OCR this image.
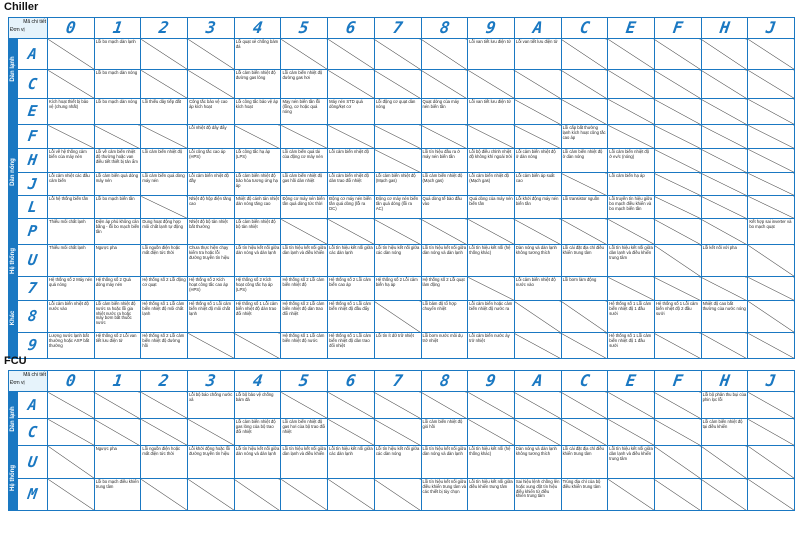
Chiller
Mã chi tiết
Đơn vị		0	1	2	3	4	5	6	7	8	9	A	C	E	F	H	J

Dàn lạnh	A		Lỗi bo mạch dàn lạnh			Lỗi quạt xẻ chống bám đá					Lỗi van tiết lưu điện tử	Lỗi van tiết lưu điện tử					
	C		Lỗi bo mạch dàn nóng			Lỗi cảm biến nhiệt độ đường gas lỏng	Lỗi cảm biến nhiệt độ đường gas hơi										

Dàn nóng	E	Kích hoạt thiết bị bảo vệ (chung nhất)	Lỗi bo mạch dàn nóng	Lỗi thiếu dây tiếp đất	Công tắc bảo vệ cao áp kích hoạt	Lỗi công tắc bảo vệ áp kích hoạt	Mạy nén biến tần lỗi (lỗng, cơ hoặc quá nóng	Máy nén STD quá dòng/kẹt cơ	Lỗi động cơ quạt dàn nóng	Quạt dòng của máy nén biến tần	Lỗi van tiết lưu điện tử						
	F				Lỗi nhiệt độ dây đẩy								Lỗi cấp bất thường lạnh kích hoạt công tắc cao áp				
	H	Lỗi về hệ thống cảm biến của máy nén	Lỗi về cảm biến nhiệt độ thường hoặc van điều tiết thiết bị tản ẩm	Lỗi cảm biến nhiệt độ	Lỗi công tắc cao áp (HPS)	Lỗi công tắc hạ áp (LPS)	Lỗi cảm biến quá tải của động cơ máy nén	Lỗi cảm biến nhiệt độ		Lỗi tín hiệu đầu ra ở máy nén biến tần	Lỗi bộ điều chỉnh nhiệt độ không khí ngoài trời	Lỗi cảm biến nhiệt độ ở dàn nóng	Lỗi cảm biến nhiệt độ ở dàn nóng	Lỗi cảm biến nhiệt độ ở ev/c (nóng)			
	J	Lỗi cảm nhiệt các đầu cảm biến	Lỗi cảm biến quá dòng máy nén	Lỗi cảm biến quá dòng máy nén	Lỗi cảm biến nhiệt độ đầy	Lỗi cảm biến nhiệt độ bảo hòa tương ứng hạ áp	Lỗi cảm biến nhiệt độ gas hồi dàn nhiệt	Lỗi cảm biến nhiệt độ dàn trao đổi nhiệt	Lỗi cảm biến nhiệt độ (Mạch gas)	Lỗi cảm biến nhiệt độ (Mạch gas)	Lỗi cảm biến nhiệt độ (Mạch gas)	Lỗi cảm biến áp suất cao		Lỗi cảm biến hạ áp			
	L	Lỗi hệ thống biến tần	Lỗi bo mạch biến tần		Nhiệt độ hộp điện tăng cao	Nhiệt độ cánh tản nhiệt dàn nóng tăng cao	Động cơ máy nén biến tần quá dòng tức thời	Động cơ máy nén biến tần quá dòng (lỗi ra DC)	Động cơ máy nén biến tần quá dòng (lỗi ra AC)	Quá dòng tế bào đầu vào	Quá dòng của máy nén biến tần	Lỗi khởi động máy nén biến tần	Lỗi transistor nguồn	Lỗi truyền tín hiệu giữa bo mạch điều khiển và bo mạch biến tần			
	P	Thiếu môi chất lạnh	Điện áp phù không cân bằng - lỗi bo mạch biến tần	Dung hoạt động hợp môi chất lạnh tự động	Nhiệt độ bộ tản nhiệt bất thường	Lỗi cảm biến nhiệt độ bộ tản nhiệt											Kết hợp sai inverter và bo mạch quạt

Hệ thống	U	Thiếu môi chất lạnh	Ngược pha	Lỗi nguồn điện hoặc mất điện tức thời	Chưa thực hiện chạy kiểm tra hoặc lỗi đường truyền tín hiệu	Lỗi tín hiệu kết nối giữa dàn nóng và dàn lạnh	Lỗi tín hiệu kết nối giữa dàn lạnh và điều khiển	Lỗi tín hiệu kết nối giữa các dàn lạnh	Lỗi tín hiệu kết nối giữa các dàn nóng	Lỗi tín hiệu kết nối giữa dàn nóng và dàn lạnh	Lỗi tín hiệu kết nối (hệ thống khác)	Dàn nóng và dàn lạnh không tương thích	Lỗi cài đặt địa chỉ điều khiển trung tâm	Lỗi tín hiệu kết nối giữa dàn lạnh và điều khiển trung tâm		Lỗi kết nối với pha	

Khác	7	Hệ thống số 2 Máy nén quá nóng	Hệ thống số 2 Quá dòng máy nén	Hệ thống số 2 Lỗi động cơ quạt	Hệ thống số 2 Kích hoạt công tắc cao áp (HPS)	Hệ thống số 2 Kích hoạt công tắc hạ áp (LPS)	Hệ thống số 2 Lỗi cảm biến nhiệt độ	Hệ thống số 2 Lỗi cảm biến cao áp	Hệ thống số 2 Lỗi cảm biến hạ áp	Hệ thống số 2 Lỗi quạt làm động		Lỗi cảm biến nhiệt độ nước vào	Lỗi bơm làm động				
	8	Lỗi cảm biến nhiệt độ nước vào	Lỗi cảm biến nhiệt độ nước ra hoặc lỗi gia nhiệt nước ra hoặc máy bơm bắt thuốc nước	Hệ thống số 1 Lỗi cảm biến nhiệt độ môi chất lạnh	Hệ thống số 1 Lỗi cảm biến nhiệt độ môi chất lạnh	Hệ thống số 1 Lỗi cảm biến nhiệt độ dàn trao đổi nhiệt	Hệ thống số 2 Lỗi cảm biến nhiệt độ dàn trao đổi nhiệt	Hệ thống số 1 Lỗi cảm biến nhiệt độ đầu đẩy		Lỗi bảm độ tổ hợp chuyển nhiệt	Lỗi cảm biến hoặc cảm biến nhiệt độ nước ra			Hệ thống số 1 Lỗi cảm biến nhiệt độ 1 đầu sưởi	Hệ thống số 1 Lỗi cảm biến nhiệt độ 2 đầu sưởi	Nhiệt độ cao bắt thường của nước nóng	
	9	Lượng nước lạnh bất thường hoặc AXP bắt thường	Hệ thống số 2 Lỗi van tiết lưu điện tử	Hệ thống số 2 Lỗi cảm biến nhiệt độ đường hồi			Hệ thống số 1 Lỗi cảm biến nhiệt độ nước	Hệ thống số 1 Lỗi cảm biến nhiệt độ dàn trao đổi nhiệt	Lỗi tín ít dữ trữ nhiệt	Lỗi bơm nước môi dụ trở nhiệt	Lỗi cảm biến nước áy trở nhiệt			Hệ thống số 1 Lỗi cảm biến nhiệt độ 1 đầu sưởi			
FCU
Mã chi tiết
Đơn vị		0	1	2	3	4	5	6	7	8	9	A	C	E	F	H	J

Dàn lạnh	A				Lỗi bộ báo chống nước xả	Lỗi bộ bảo vệ chống bám đá										Lỗi bộ phân thu bụi của phin lọc lỗi	
	C					Lỗi cảm biến nhiệt độ gas lỏng của bộ trao đổi nhiệt	Lỗi cảm biến nhiệt độ gas hơi của bộ trao đổi nhiệt			Lỗi cảm biến nhiệt độ gió hồi						Lỗi cảm biến nhiệt độ tại điều khiển	

Hệ thống	U		Ngược pha	Lỗi nguồn điện hoặc mất điện tức thời	Lỗi khởi động hoặc lỗi đường truyền tín hiệu	Lỗi tín hiệu kết nối giữa dàn nóng và dàn lạnh	Lỗi tín hiệu kết nối giữa dàn lạnh và điều khiển	Lỗi tín hiệu kết nối giữa các dàn lạnh	Lỗi tín hiệu kết nối giữa các dàn nóng	Lỗi tín hiệu kết nối giữa dàn nóng và dàn lạnh	Lỗi tín hiệu kết nối (hệ thống khác)	Dàn nóng và dàn lạnh không tương thích	Lỗi cài đặt địa chỉ điều khiển trung tâm	Lỗi tín hiệu kết nối giữa dàn lạnh và điều khiển trung tâm			
	M		Lỗi bo mạch điều khiển trung tâm							Lỗi tín hiệu kết nối giữa điều khiển trung tâm và các thiết bị tùy chọn	Lỗi tín hiệu kết nối giữa điều khiển trung tâm	Sai hiệu lệnh chồng lên hoặc xung đột tín hiệu điều khiển từ điều khiển trung tâm	Trùng địa chỉ của bộ điều khiển trung tâm				
